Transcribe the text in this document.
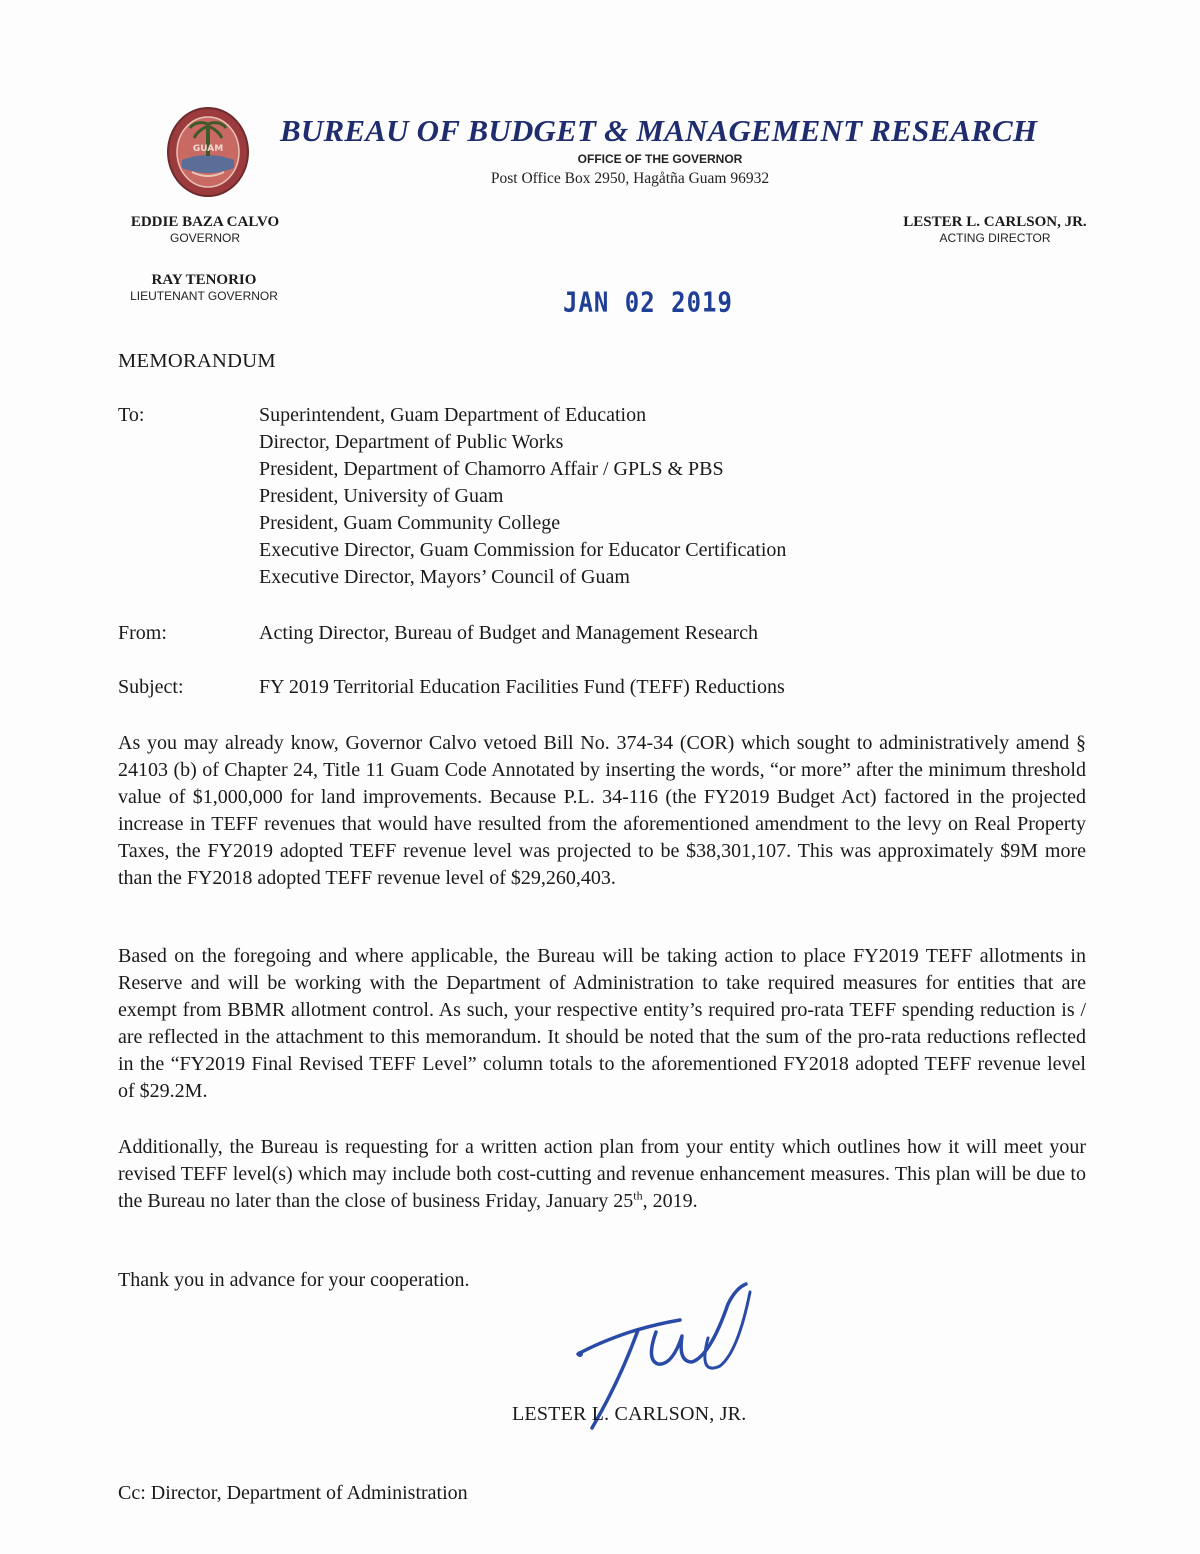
GUAM
BUREAU OF BUDGET & MANAGEMENT RESEARCH
OFFICE OF THE GOVERNOR
Post Office Box 2950, Hagåtña Guam 96932
EDDIE BAZA CALVO
GOVERNOR
RAY TENORIO
LIEUTENANT GOVERNOR
LESTER L. CARLSON, JR.
ACTING DIRECTOR
JAN 02 2019
MEMORANDUM
To:	Superintendent, Guam Department of Education
Director, Department of Public Works
President, Department of Chamorro Affair / GPLS & PBS
President, University of Guam
President, Guam Community College
Executive Director, Guam Commission for Educator Certification
Executive Director, Mayors’ Council of Guam
From:	Acting Director, Bureau of Budget and Management Research
Subject:	FY 2019 Territorial Education Facilities Fund (TEFF) Reductions

As you may already know, Governor Calvo vetoed Bill No. 374-34 (COR) which sought to administratively amend § 24103 (b) of Chapter 24, Title 11 Guam Code Annotated by inserting the words, “or more” after the minimum threshold value of $1,000,000 for land improvements. Because P.L. 34-116 (the FY2019 Budget Act) factored in the projected increase in TEFF revenues that would have resulted from the aforementioned amendment to the levy on Real Property Taxes, the FY2019 adopted TEFF revenue level was projected to be $38,301,107. This was approximately $9M more than the FY2018 adopted TEFF revenue level of $29,260,403.

Based on the foregoing and where applicable, the Bureau will be taking action to place FY2019 TEFF allotments in Reserve and will be working with the Department of Administration to take required measures for entities that are exempt from BBMR allotment control. As such, your respective entity’s required pro-rata TEFF spending reduction is / are reflected in the attachment to this memorandum. It should be noted that the sum of the pro-rata reductions reflected in the “FY2019 Final Revised TEFF Level” column totals to the aforementioned FY2018 adopted TEFF revenue level of $29.2M.

Additionally, the Bureau is requesting for a written action plan from your entity which outlines how it will meet your revised TEFF level(s) which may include both cost-cutting and revenue enhancement measures. This plan will be due to the Bureau no later than the close of business Friday, January 25th, 2019.

Thank you in advance for your cooperation.
LESTER L. CARLSON, JR.
Cc: Director, Department of Administration
